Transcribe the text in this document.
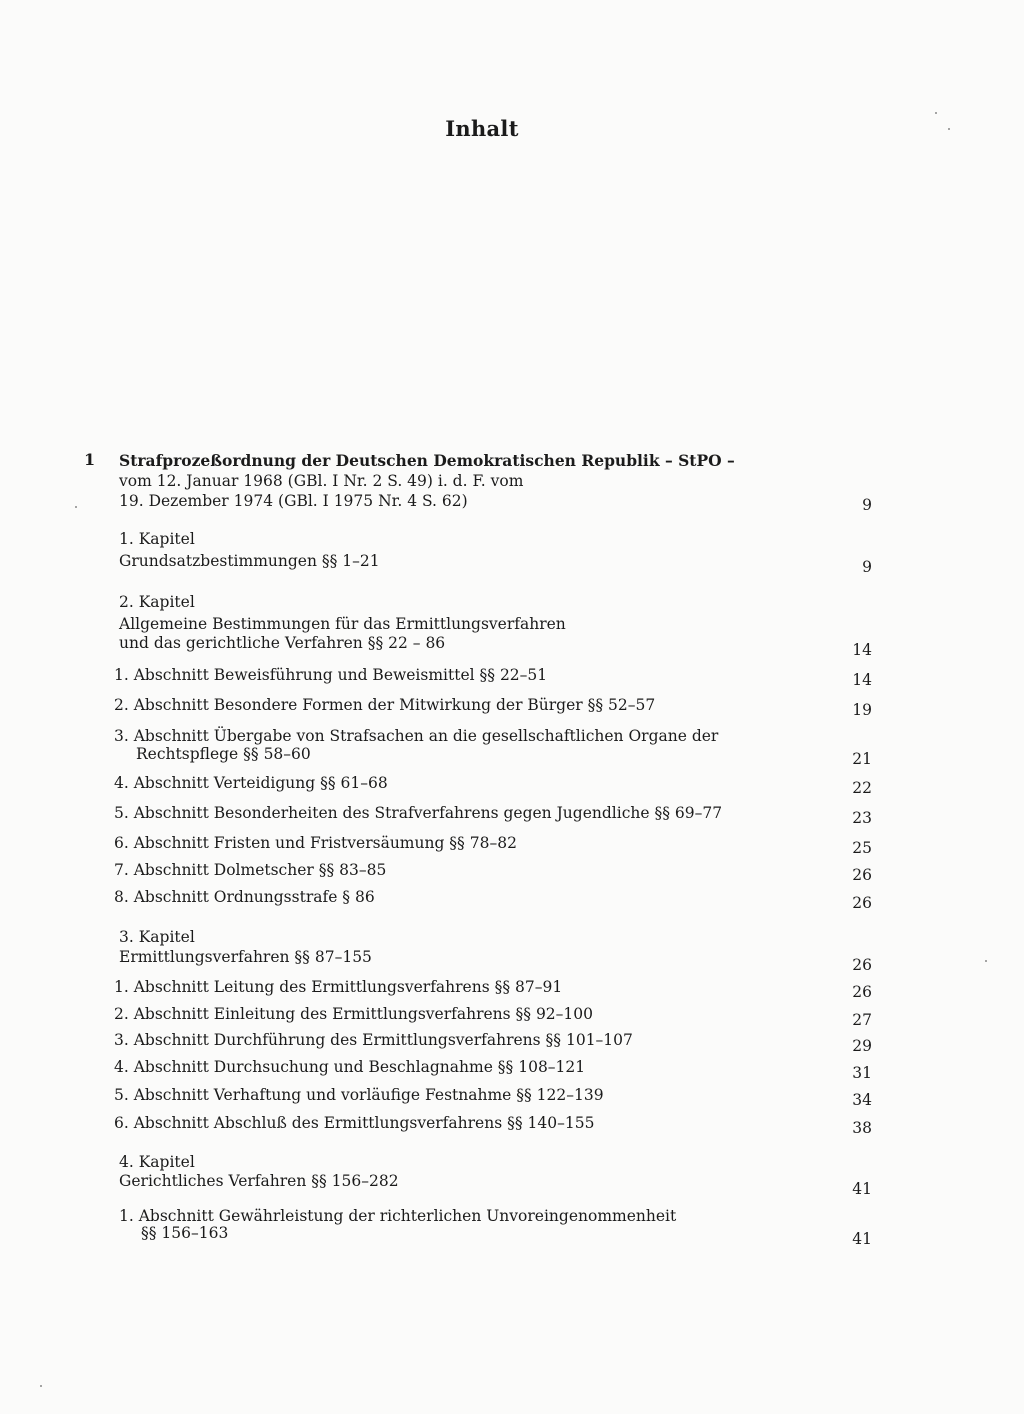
Inhalt
1 Strafprozeßordnung der Deutschen Demokratischen Republik – StPO –
vom 12. Januar 1968 (GBl. I Nr. 2 S. 49) i. d. F. vom
19. Dezember 1974 (GBl. I 1975 Nr. 4 S. 62)	9
1. Kapitel
Grundsatzbestimmungen §§ 1–21	9
2. Kapitel
Allgemeine Bestimmungen für das Ermittlungsverfahren
und das gerichtliche Verfahren §§ 22 – 86	14
1. Abschnitt Beweisführung und Beweismittel §§ 22–51	14
2. Abschnitt Besondere Formen der Mitwirkung der Bürger §§ 52–57	19
3. Abschnitt Übergabe von Strafsachen an die gesellschaftlichen Organe der
Rechtspflege §§ 58–60	21
4. Abschnitt Verteidigung §§ 61–68	22
5. Abschnitt Besonderheiten des Strafverfahrens gegen Jugendliche §§ 69–77	23
6. Abschnitt Fristen und Fristversäumung §§ 78–82	25
7. Abschnitt Dolmetscher §§ 83–85	26
8. Abschnitt Ordnungsstrafe § 86	26
3. Kapitel
Ermittlungsverfahren §§ 87–155	26
1. Abschnitt Leitung des Ermittlungsverfahrens §§ 87–91	26
2. Abschnitt Einleitung des Ermittlungsverfahrens §§ 92–100	27
3. Abschnitt Durchführung des Ermittlungsverfahrens §§ 101–107	29
4. Abschnitt Durchsuchung und Beschlagnahme §§ 108–121	31
5. Abschnitt Verhaftung und vorläufige Festnahme §§ 122–139	34
6. Abschnitt Abschluß des Ermittlungsverfahrens §§ 140–155	38
4. Kapitel
Gerichtliches Verfahren §§ 156–282	41
1. Abschnitt Gewährleistung der richterlichen Unvoreingenommenheit
§§ 156–163	41
